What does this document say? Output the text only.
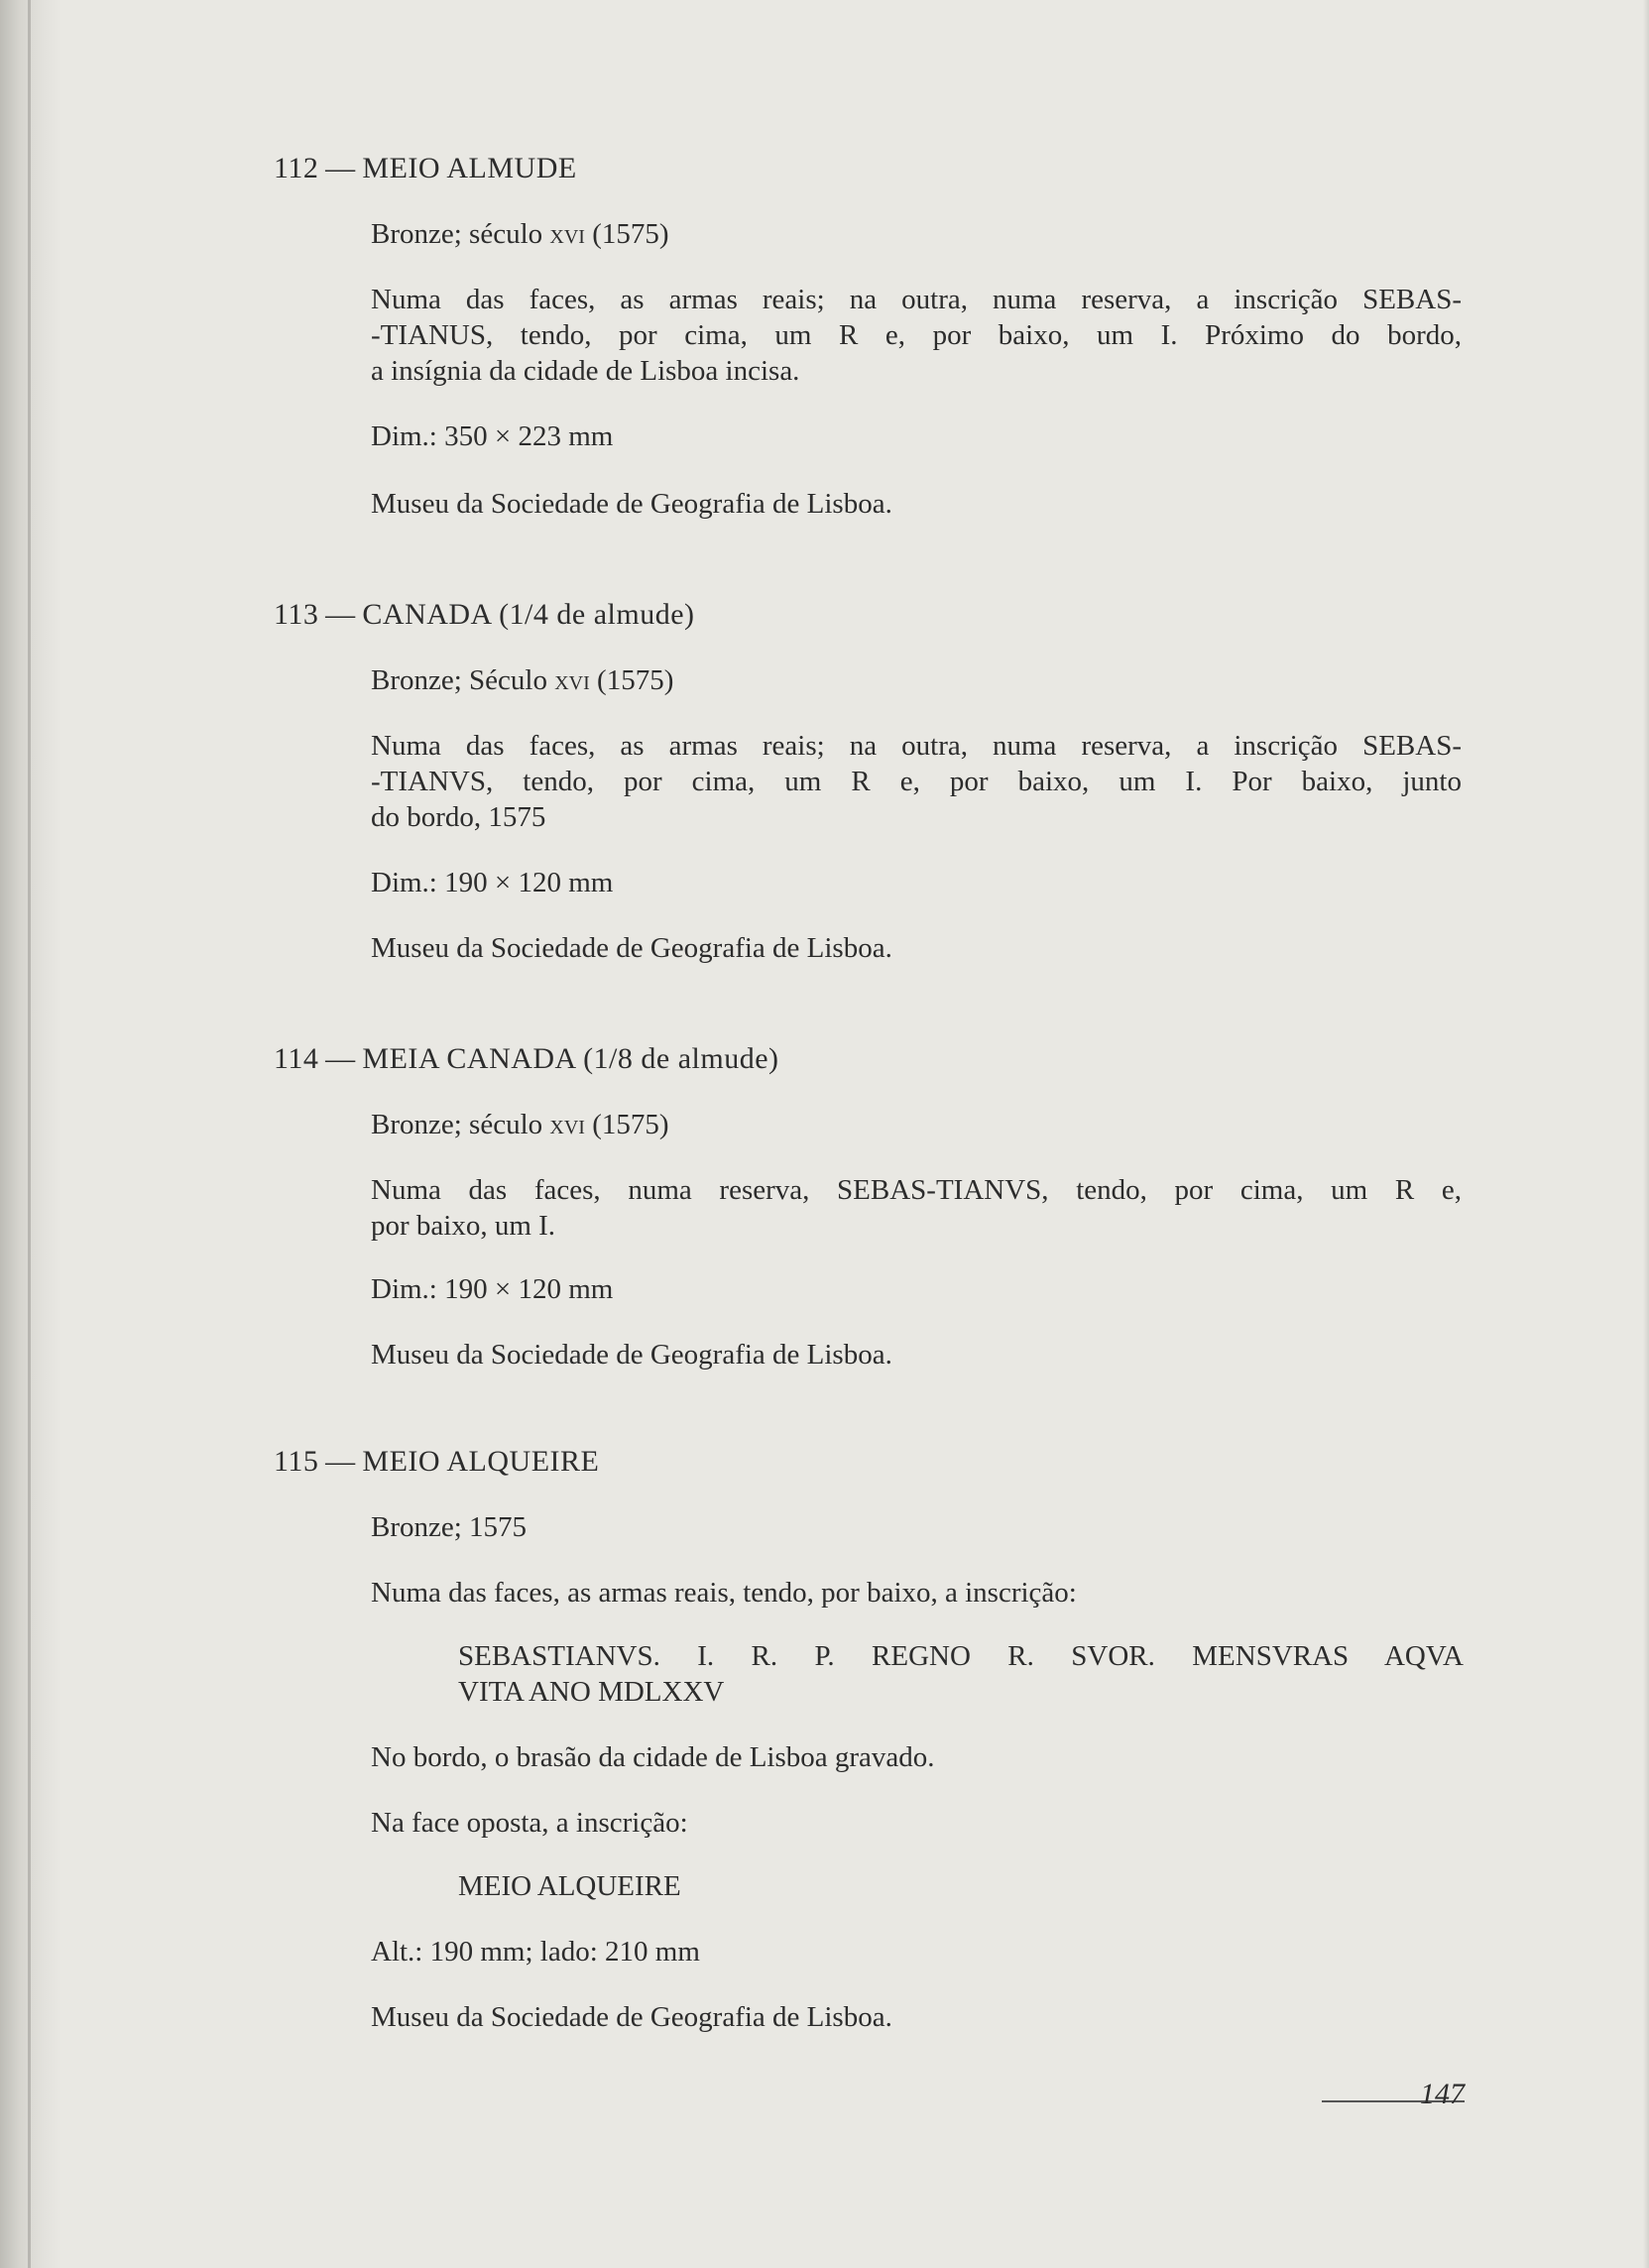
112 — MEIO ALMUDE

Bronze; século xvi (1575)

Numa das faces, as armas reais; na outra, numa reserva, a inscrição SEBAS-

-TIANUS, tendo, por cima, um R e, por baixo, um I. Próximo do bordo,

a insígnia da cidade de Lisboa incisa.

Dim.: 350 × 223 mm

Museu da Sociedade de Geografia de Lisboa.

113 — CANADA (1/4 de almude)

Bronze; Século xvi (1575)

Numa das faces, as armas reais; na outra, numa reserva, a inscrição SEBAS-

-TIANVS, tendo, por cima, um R e, por baixo, um I. Por baixo, junto

do bordo, 1575

Dim.: 190 × 120 mm

Museu da Sociedade de Geografia de Lisboa.

114 — MEIA CANADA (1/8 de almude)

Bronze; século xvi (1575)

Numa das faces, numa reserva, SEBAS-TIANVS, tendo, por cima, um R e,

por baixo, um I.

Dim.: 190 × 120 mm

Museu da Sociedade de Geografia de Lisboa.

115 — MEIO ALQUEIRE

Bronze; 1575

Numa das faces, as armas reais, tendo, por baixo, a inscrição:

SEBASTIANVS. I. R. P. REGNO R. SVOR. MENSVRAS AQVA

VITA ANO MDLXXV

No bordo, o brasão da cidade de Lisboa gravado.

Na face oposta, a inscrição:

MEIO ALQUEIRE

Alt.: 190 mm; lado: 210 mm

Museu da Sociedade de Geografia de Lisboa.

147
